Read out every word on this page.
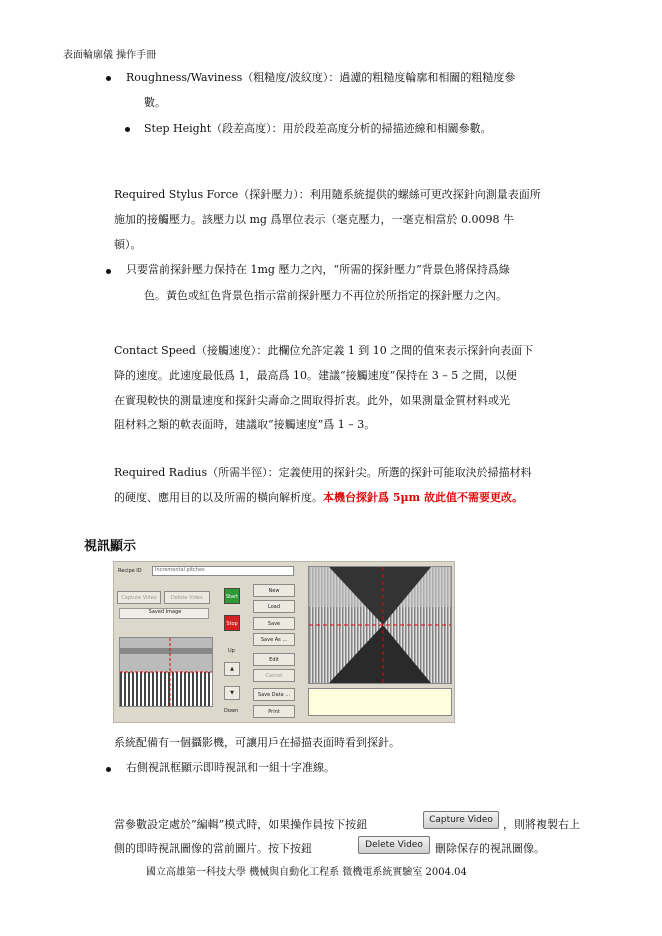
表面輪廓儀 操作手冊
Roughness/Waviness（粗糙度/波紋度）：過濾的粗糙度輪廓和相關的粗糙度參
數。
Step Height（段差高度）：用於段差高度分析的掃描迹線和相關參數。
Required Stylus Force（探針壓力）：利用隨系統提供的螺絲可更改探針向測量表面所
施加的接觸壓力。該壓力以 mg 爲單位表示（毫克壓力，一毫克相當於 0.0098 牛
頓）。
只要當前探針壓力保持在 1mg 壓力之內，“所需的探針壓力”背景色將保持爲綠
色。黃色或紅色背景色指示當前探針壓力不再位於所指定的探針壓力之內。
Contact Speed（接觸速度）：此欄位允許定義 1 到 10 之間的值來表示探針向表面下
降的速度。此速度最低爲 1，最高爲 10。建議“接觸速度”保持在 3 – 5 之間，以便
在實現較快的測量速度和探針尖壽命之間取得折衷。此外，如果測量金質材料或光
阻材料之類的軟表面時，建議取“接觸速度”爲 1 – 3。
Required Radius（所需半徑）：定義使用的探針尖。所選的探針可能取決於掃描材料
的硬度、應用目的以及所需的橫向解析度。本機台探針爲 5µm 故此值不需要更改。
視訊顯示
Recipe ID	Incremental pitches
Capture Video	Delete Video
Saved Image
Start
Stop
Up
▲
▼
Down
New
Load
Save
Save As ...
Edit
Cancel
Save Data ...
Print
系統配備有一個攝影機，可讓用戶在掃描表面時看到探針。
右側視訊框顯示即時視訊和一組十字准線。
當參數設定處於“編輯”模式時，如果操作員按下按鈕	Capture Video ，則將複製右上
側的即時視訊圖像的當前圖片。按下按鈕	Delete Video	刪除保存的視訊圖像。
國立高雄第一科技大學 機械與自動化工程系 微機電系統實驗室 2004.04
